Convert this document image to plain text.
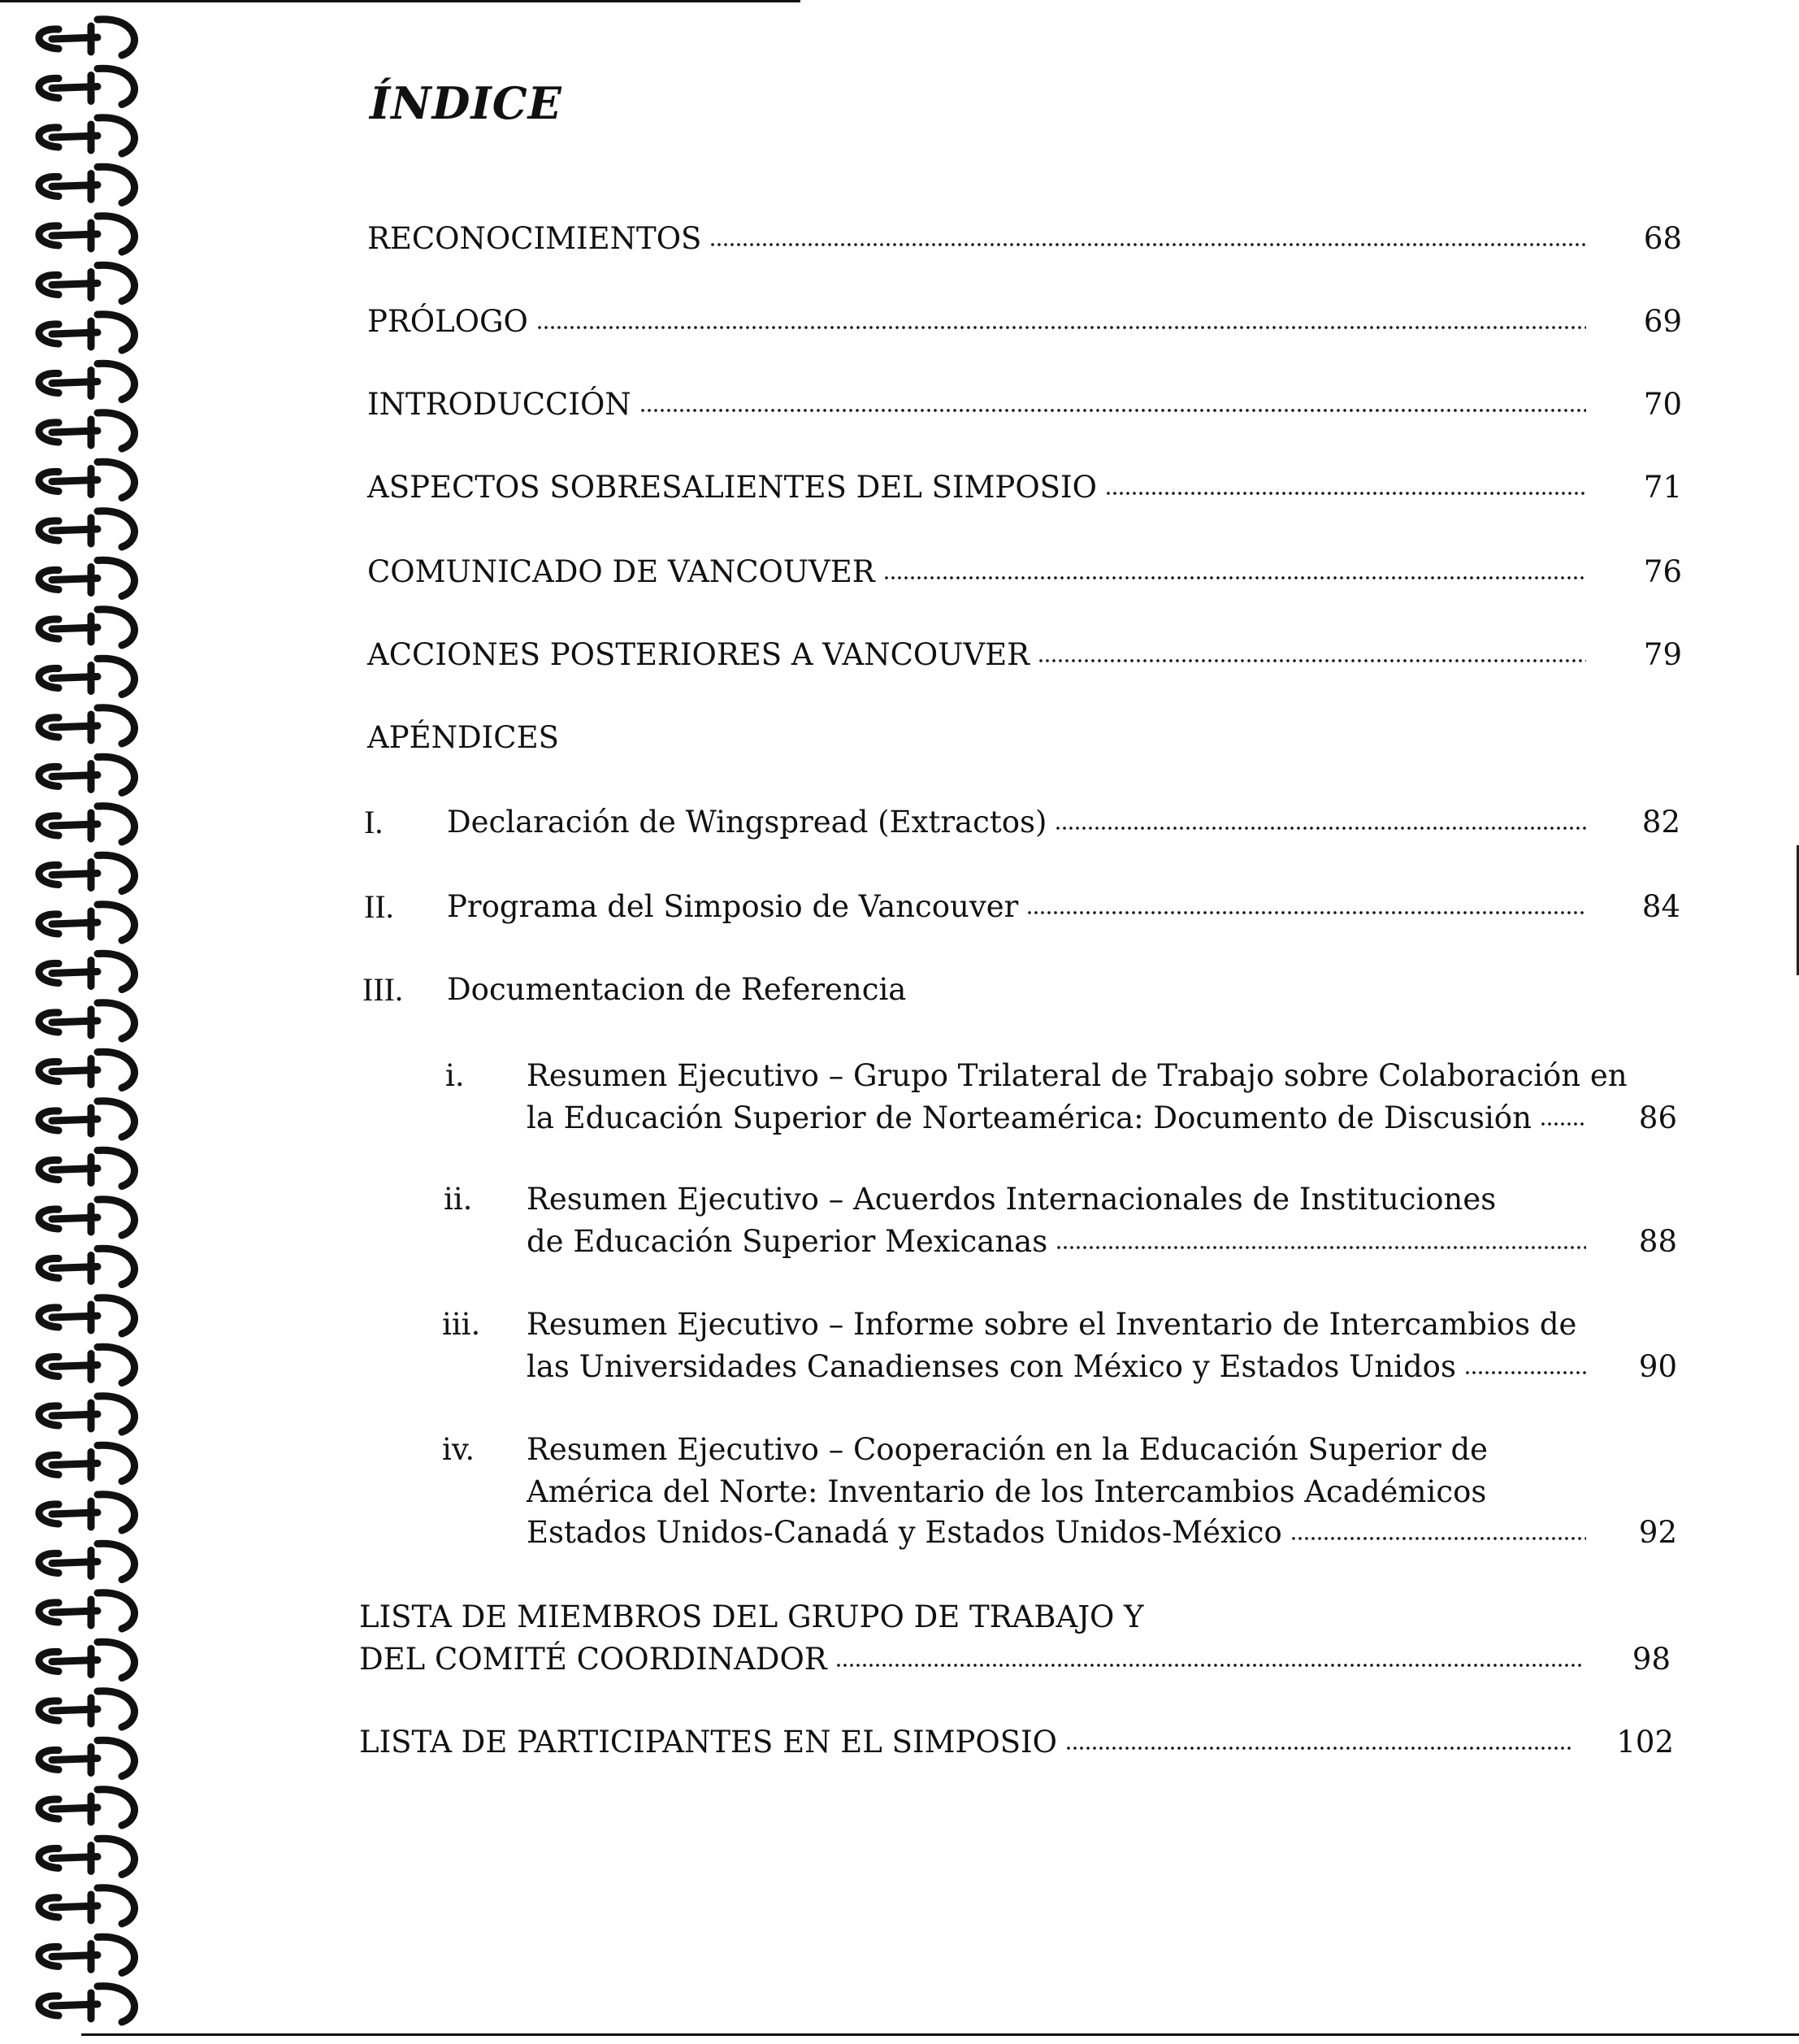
ÍNDICE
RECONOCIMIENTOS	68
PRÓLOGO	69
INTRODUCCIÓN	70
ASPECTOS SOBRESALIENTES DEL SIMPOSIO	71
COMUNICADO DE VANCOUVER	76
ACCIONES POSTERIORES A VANCOUVER	79
APÉNDICES
I. Declaración de Wingspread (Extractos)	82
II. Programa del Simposio de Vancouver	84
III. Documentacion de Referencia
i. Resumen Ejecutivo – Grupo Trilateral de Trabajo sobre Colaboración en
la Educación Superior de Norteamérica: Documento de Discusión	86
ii. Resumen Ejecutivo – Acuerdos Internacionales de Instituciones
de Educación Superior Mexicanas	88
iii. Resumen Ejecutivo – Informe sobre el Inventario de Intercambios de
las Universidades Canadienses con México y Estados Unidos	90
iv. Resumen Ejecutivo – Cooperación en la Educación Superior de
América del Norte: Inventario de los Intercambios Académicos
Estados Unidos-Canadá y Estados Unidos-México	92
LISTA DE MIEMBROS DEL GRUPO DE TRABAJO Y
DEL COMITÉ COORDINADOR	98
LISTA DE PARTICIPANTES EN EL SIMPOSIO	102
